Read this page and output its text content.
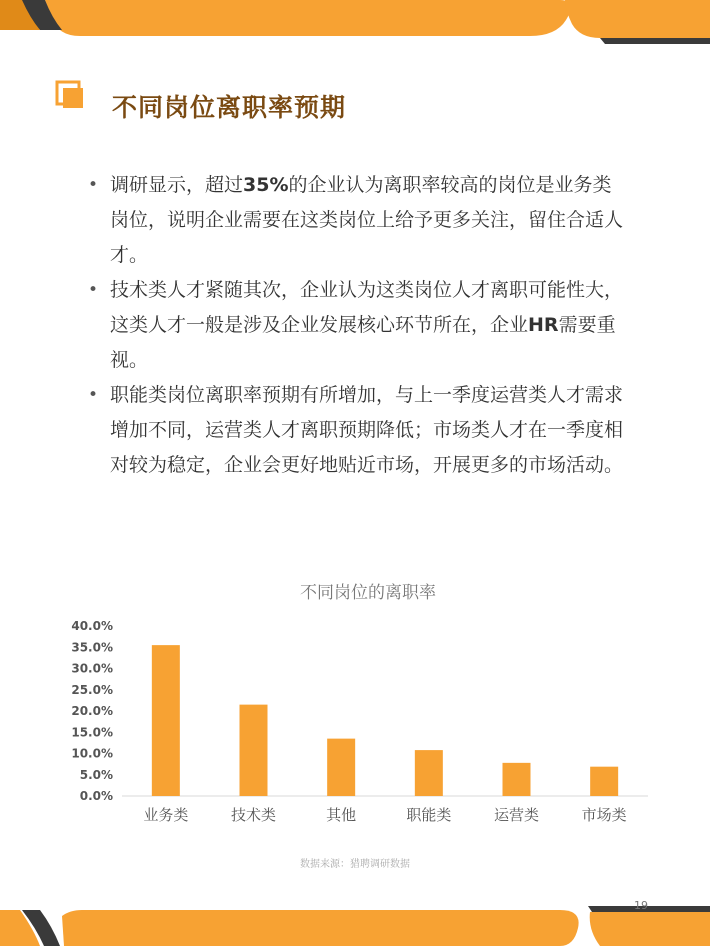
不同岗位离职率预期
• 调研显示，超过35%的企业认为离职率较高的岗位是业务类岗位，说明企业需要在这类岗位上给予更多关注，留住合适人才。
• 技术类人才紧随其次，企业认为这类岗位人才离职可能性大，这类人才一般是涉及企业发展核心环节所在，企业HR需要重视。
• 职能类岗位离职率预期有所增加，与上一季度运营类人才需求增加不同，运营类人才离职预期降低；市场类人才在一季度相对较为稳定，企业会更好地贴近市场，开展更多的市场活动。
不同岗位的离职率
0.0%
5.0%
10.0%
15.0%
20.0%
25.0%
30.0%
35.0%
40.0%
业务类	技术类	其他	职能类	运营类	市场类
数据来源：猎聘调研数据
19
